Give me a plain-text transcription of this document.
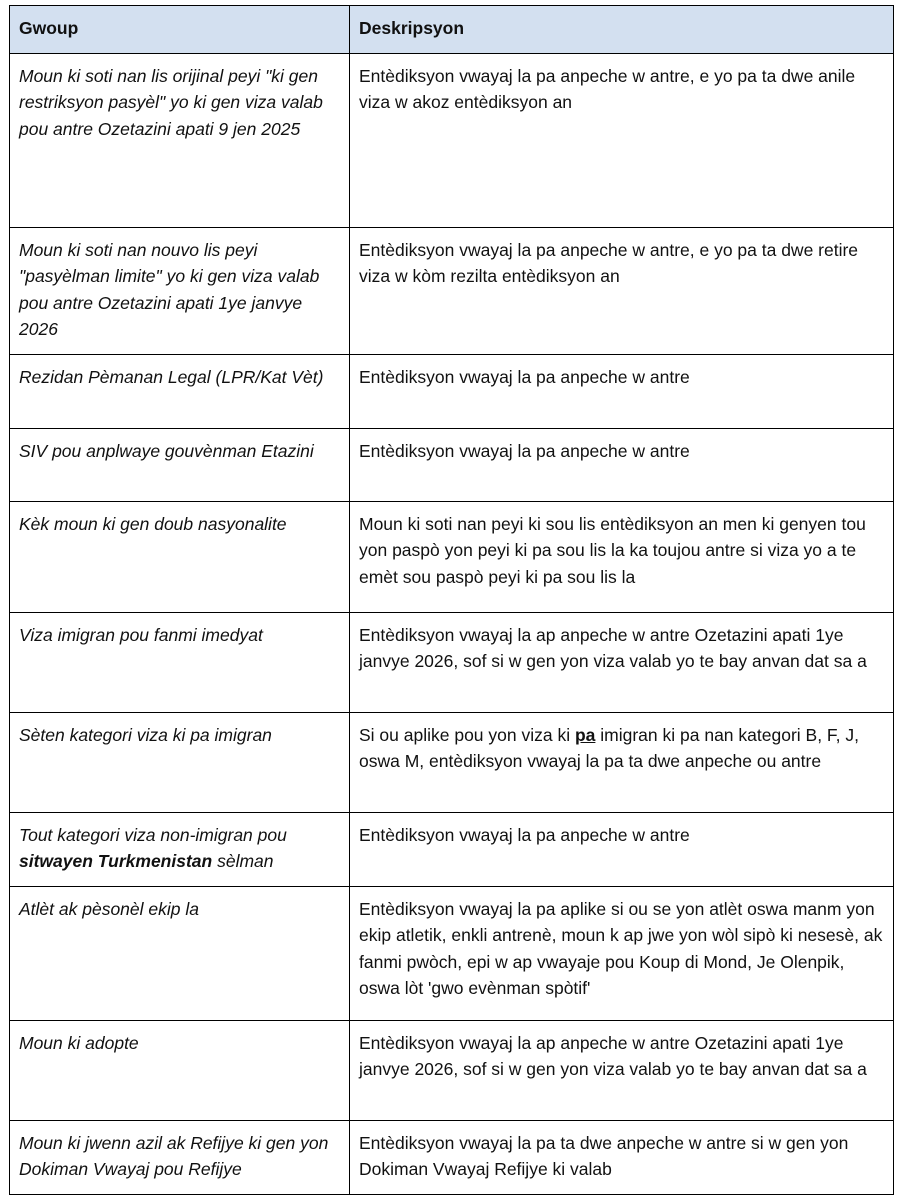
Gwoup	Deskripsyon
Moun ki soti nan lis orijinal peyi "ki gen restriksyon pasyèl" yo ki gen viza valab pou antre Ozetazini apati 9 jen 2025	Entèdiksyon vwayaj la pa anpeche w antre, e yo pa ta dwe anile viza w akoz entèdiksyon an
Moun ki soti nan nouvo lis peyi "pasyèlman limite" yo ki gen viza valab pou antre Ozetazini apati 1ye janvye 2026	Entèdiksyon vwayaj la pa anpeche w antre, e yo pa ta dwe retire viza w kòm rezilta entèdiksyon an
Rezidan Pèmanan Legal (LPR/Kat Vèt)	Entèdiksyon vwayaj la pa anpeche w antre
SIV pou anplwaye gouvènman Etazini	Entèdiksyon vwayaj la pa anpeche w antre
Kèk moun ki gen doub nasyonalite	Moun ki soti nan peyi ki sou lis entèdiksyon an men ki genyen tou yon paspò yon peyi ki pa sou lis la ka toujou antre si viza yo a te emèt sou paspò peyi ki pa sou lis la
Viza imigran pou fanmi imedyat	Entèdiksyon vwayaj la ap anpeche w antre Ozetazini apati 1ye janvye 2026, sof si w gen yon viza valab yo te bay anvan dat sa a
Sèten kategori viza ki pa imigran	Si ou aplike pou yon viza ki pa imigran ki pa nan kategori B, F, J, oswa M, entèdiksyon vwayaj la pa ta dwe anpeche ou antre
Tout kategori viza non-imigran pou sitwayen Turkmenistan sèlman	Entèdiksyon vwayaj la pa anpeche w antre
Atlèt ak pèsonèl ekip la	Entèdiksyon vwayaj la pa aplike si ou se yon atlèt oswa manm yon ekip atletik, enkli antrenè, moun k ap jwe yon wòl sipò ki nesesè, ak fanmi pwòch, epi w ap vwayaje pou Koup di Mond, Je Olenpik, oswa lòt 'gwo evènman spòtif'
Moun ki adopte	Entèdiksyon vwayaj la ap anpeche w antre Ozetazini apati 1ye janvye 2026, sof si w gen yon viza valab yo te bay anvan dat sa a
Moun ki jwenn azil ak Refijye ki gen yon Dokiman Vwayaj pou Refijye	Entèdiksyon vwayaj la pa ta dwe anpeche w antre si w gen yon Dokiman Vwayaj Refijye ki valab
